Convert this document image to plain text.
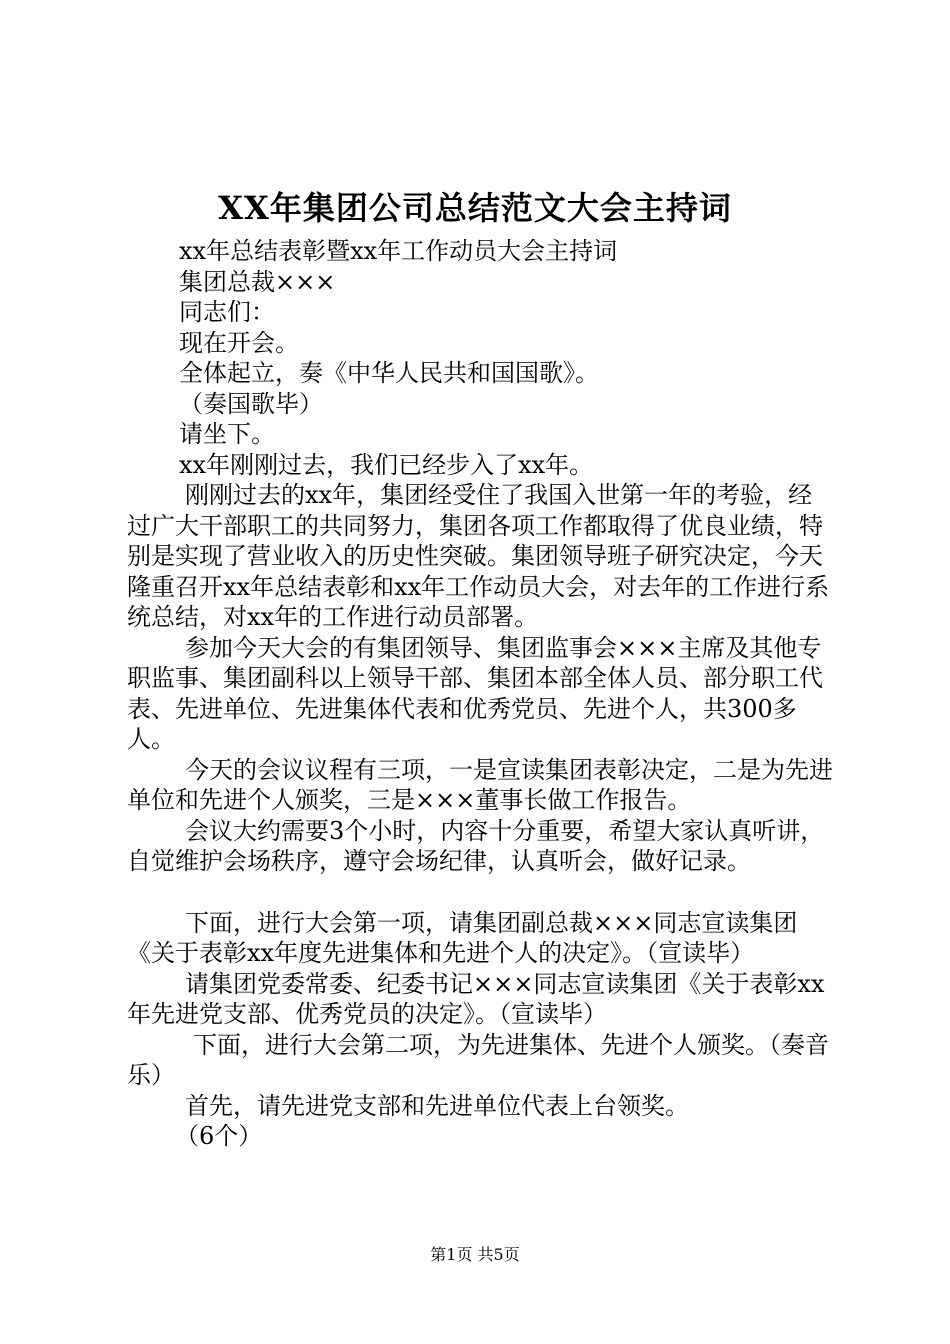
XX年集团公司总结范文大会主持词

xx年总结表彰暨xx年工作动员大会主持词

集团总裁×××

同志们：

现在开会。

全体起立，奏《中华人民共和国国歌》。

（奏国歌毕）

请坐下。

xx年刚刚过去，我们已经步入了xx年。

刚刚过去的xx年，集团经受住了我国入世第一年的考验，经过广大干部职工的共同努力，集团各项工作都取得了优良业绩，特别是实现了营业收入的历史性突破。集团领导班子研究决定，今天隆重召开xx年总结表彰和xx年工作动员大会，对去年的工作进行系统总结，对xx年的工作进行动员部署。

参加今天大会的有集团领导、集团监事会×××主席及其他专职监事、集团副科以上领导干部、集团本部全体人员、部分职工代表、先进单位、先进集体代表和优秀党员、先进个人，共300多人。

今天的会议议程有三项，一是宣读集团表彰决定，二是为先进单位和先进个人颁奖，三是×××董事长做工作报告。

会议大约需要3个小时，内容十分重要，希望大家认真听讲，自觉维护会场秩序，遵守会场纪律，认真听会，做好记录。

下面，进行大会第一项，请集团副总裁×××同志宣读集团《关于表彰xx年度先进集体和先进个人的决定》。（宣读毕）

请集团党委常委、纪委书记×××同志宣读集团《关于表彰xx年先进党支部、优秀党员的决定》。（宣读毕）

下面，进行大会第二项，为先进集体、先进个人颁奖。（奏音乐）

首先，请先进党支部和先进单位代表上台领奖。

（6个）

第1页 共5页
